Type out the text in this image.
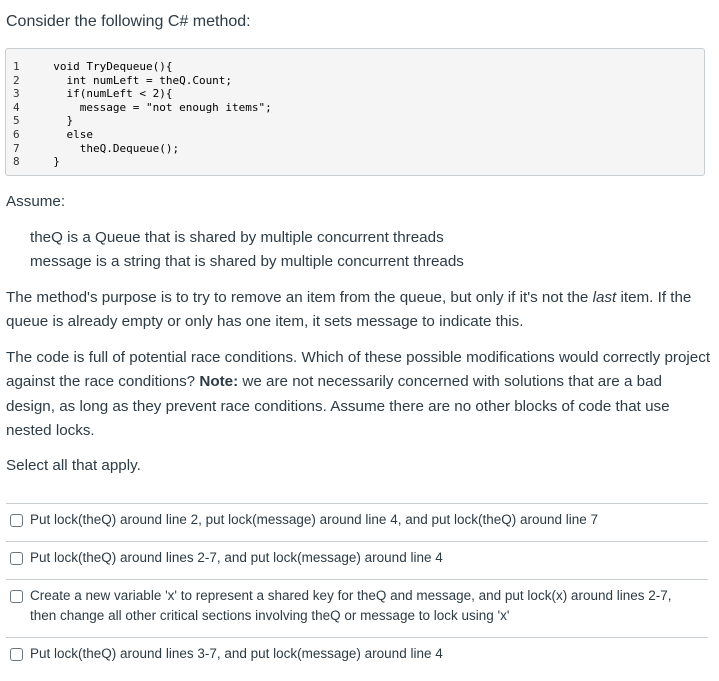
Consider the following C# method:
1	void TryDequeue(){
2	int numLeft = theQ.Count;
3	if(numLeft < 2){
4	message = "not enough items";
5	}
6	else
7	theQ.Dequeue();
8	}
Assume:
theQ is a Queue that is shared by multiple concurrent threads
message is a string that is shared by multiple concurrent threads
The method's purpose is to try to remove an item from the queue, but only if it's not the last item. If the queue is already empty or only has one item, it sets message to indicate this.
The code is full of potential race conditions. Which of these possible modifications would correctly project against the race conditions? Note: we are not necessarily concerned with solutions that are a bad design, as long as they prevent race conditions. Assume there are no other blocks of code that use nested locks.
Select all that apply.
Put lock(theQ) around line 2, put lock(message) around line 4, and put lock(theQ) around line 7
Put lock(theQ) around lines 2-7, and put lock(message) around line 4
Create a new variable 'x' to represent a shared key for theQ and message, and put lock(x) around lines 2-7, then change all other critical sections involving theQ or message to lock using 'x'
Put lock(theQ) around lines 3-7, and put lock(message) around line 4
